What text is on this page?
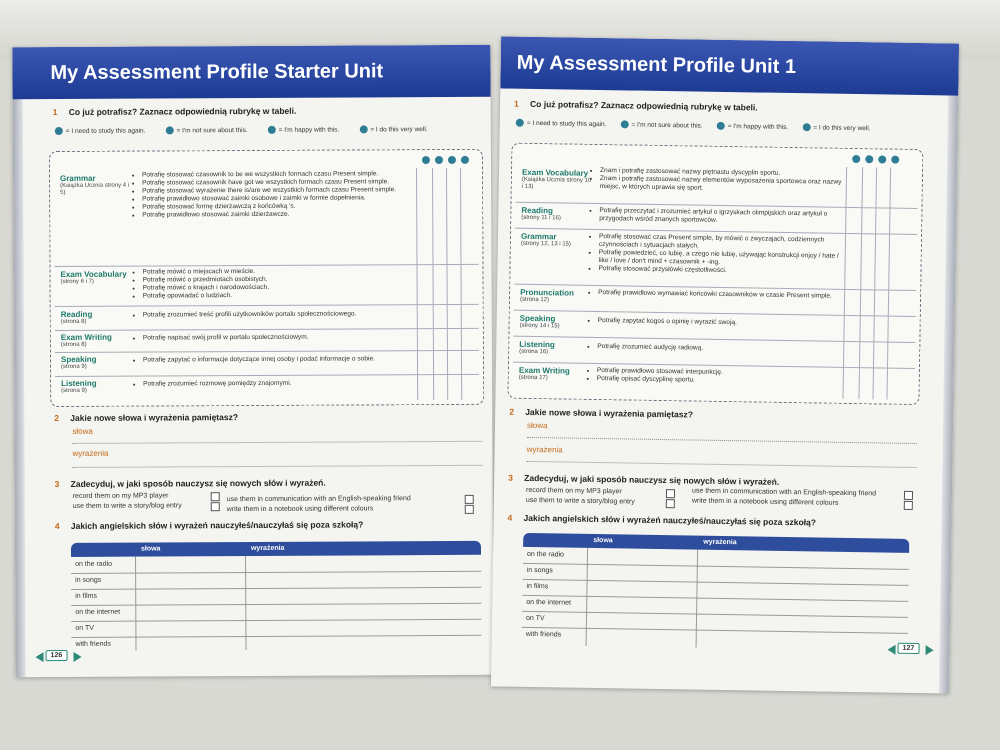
My Assessment Profile Starter Unit
1 Co już potrafisz? Zaznacz odpowiednią rubrykę w tabeli.
= I need to study this again.	= I'm not sure about this.	= I'm happy with this.	= I do this very well.
Grammar
(Książka Ucznia strony 4 i 5)
• Potrafię stosować czasownik to be we wszystkich formach czasu Present simple.
• Potrafię stosować czasownik have got we wszystkich formach czasu Present simple.
• Potrafię stosować wyrażenie there is/are we wszystkich formach czasu Present simple.
• Potrafię prawidłowo stosować zaimki osobowe i zaimki w formie dopełnienia.
• Potrafię stosować formę dzierżawczą z końcówką 's.
• Potrafię prawidłowo stosować zaimki dzierżawcze.
Exam Vocabulary
(strony 6 i 7)
• Potrafię mówić o miejscach w mieście.
• Potrafię mówić o przedmiotach osobistych.
• Potrafię mówić o krajach i narodowościach.
• Potrafię opowiadać o ludziach.
Reading
(strona 8)
• Potrafię zrozumieć treść profili użytkowników portalu społecznościowego.
Exam Writing
(strona 8)
• Potrafię napisać swój profil w portalu społecznościowym.
Speaking
(strona 9)
• Potrafię zapytać o informacje dotyczące innej osoby i podać informacje o sobie.
Listening
(strona 9)
• Potrafię zrozumieć rozmowę pomiędzy znajomymi.
2 Jakie nowe słowa i wyrażenia pamiętasz?
słowa
wyrażenia
3 Zadecyduj, w jaki sposób nauczysz się nowych słów i wyrażeń.
record them on my MP3 player
use them to write a story/blog entry
use them in communication with an English-speaking friend
write them in a notebook using different colours
4 Jakich angielskich słów i wyrażeń nauczyłeś/nauczyłaś się poza szkołą?
słowa	wyrażenia
on the radio
in songs
in films
on the internet
on TV
with friends
126
My Assessment Profile Unit 1
1 Co już potrafisz? Zaznacz odpowiednią rubrykę w tabeli.
= I need to study this again.	= I'm not sure about this.	= I'm happy with this.	= I do this very well.
Exam Vocabulary
(Książka Ucznia strony 10 i 13)
• Znam i potrafię zastosować nazwy piętnastu dyscyplin sportu.
• Znam i potrafię zastosować nazwy elementów wyposażenia sportowca oraz nazwy miejsc, w których uprawia się sport.
Reading
(strony 11 i 16)
• Potrafię przeczytać i zrozumieć artykuł o igrzyskach olimpijskich oraz artykuł o przygodach wśród znanych sportowców.
Grammar
(strony 12, 13 i 15)
• Potrafię stosować czas Present simple, by mówić o zwyczajach, codziennych czynnościach i sytuacjach stałych.
• Potrafię powiedzieć, co lubię, a czego nie lubię, używając konstrukcji enjoy / hate / like / love / don't mind + czasownik + -ing.
• Potrafię stosować przysłówki częstotliwości.
Pronunciation
(strona 12)
• Potrafię prawidłowo wymawiać końcówki czasowników w czasie Present simple.
Speaking
(strony 14 i 15)
•	Potrafię zapytać kogoś o opinię i wyrazić swoją.
Listening
(strona 16)
• Potrafię zrozumieć audycję radiową.
Exam Writing
(strona 17)
• Potrafię prawidłowo stosować interpunkcję.
• Potrafię opisać dyscyplinę sportu.
2 Jakie nowe słowa i wyrażenia pamiętasz?
słowa
wyrażenia
3 Zadecyduj, w jaki sposób nauczysz się nowych słów i wyrażeń.
record them on my MP3 player
use them to write a story/blog entry
use them in communication with an English-speaking friend
write them in a notebook using different colours
4 Jakich angielskich słów i wyrażeń nauczyłeś/nauczyłaś się poza szkołą?
słowa	wyrażenia
on the radio
in songs
in films
on the internet
on TV
with friends
127
